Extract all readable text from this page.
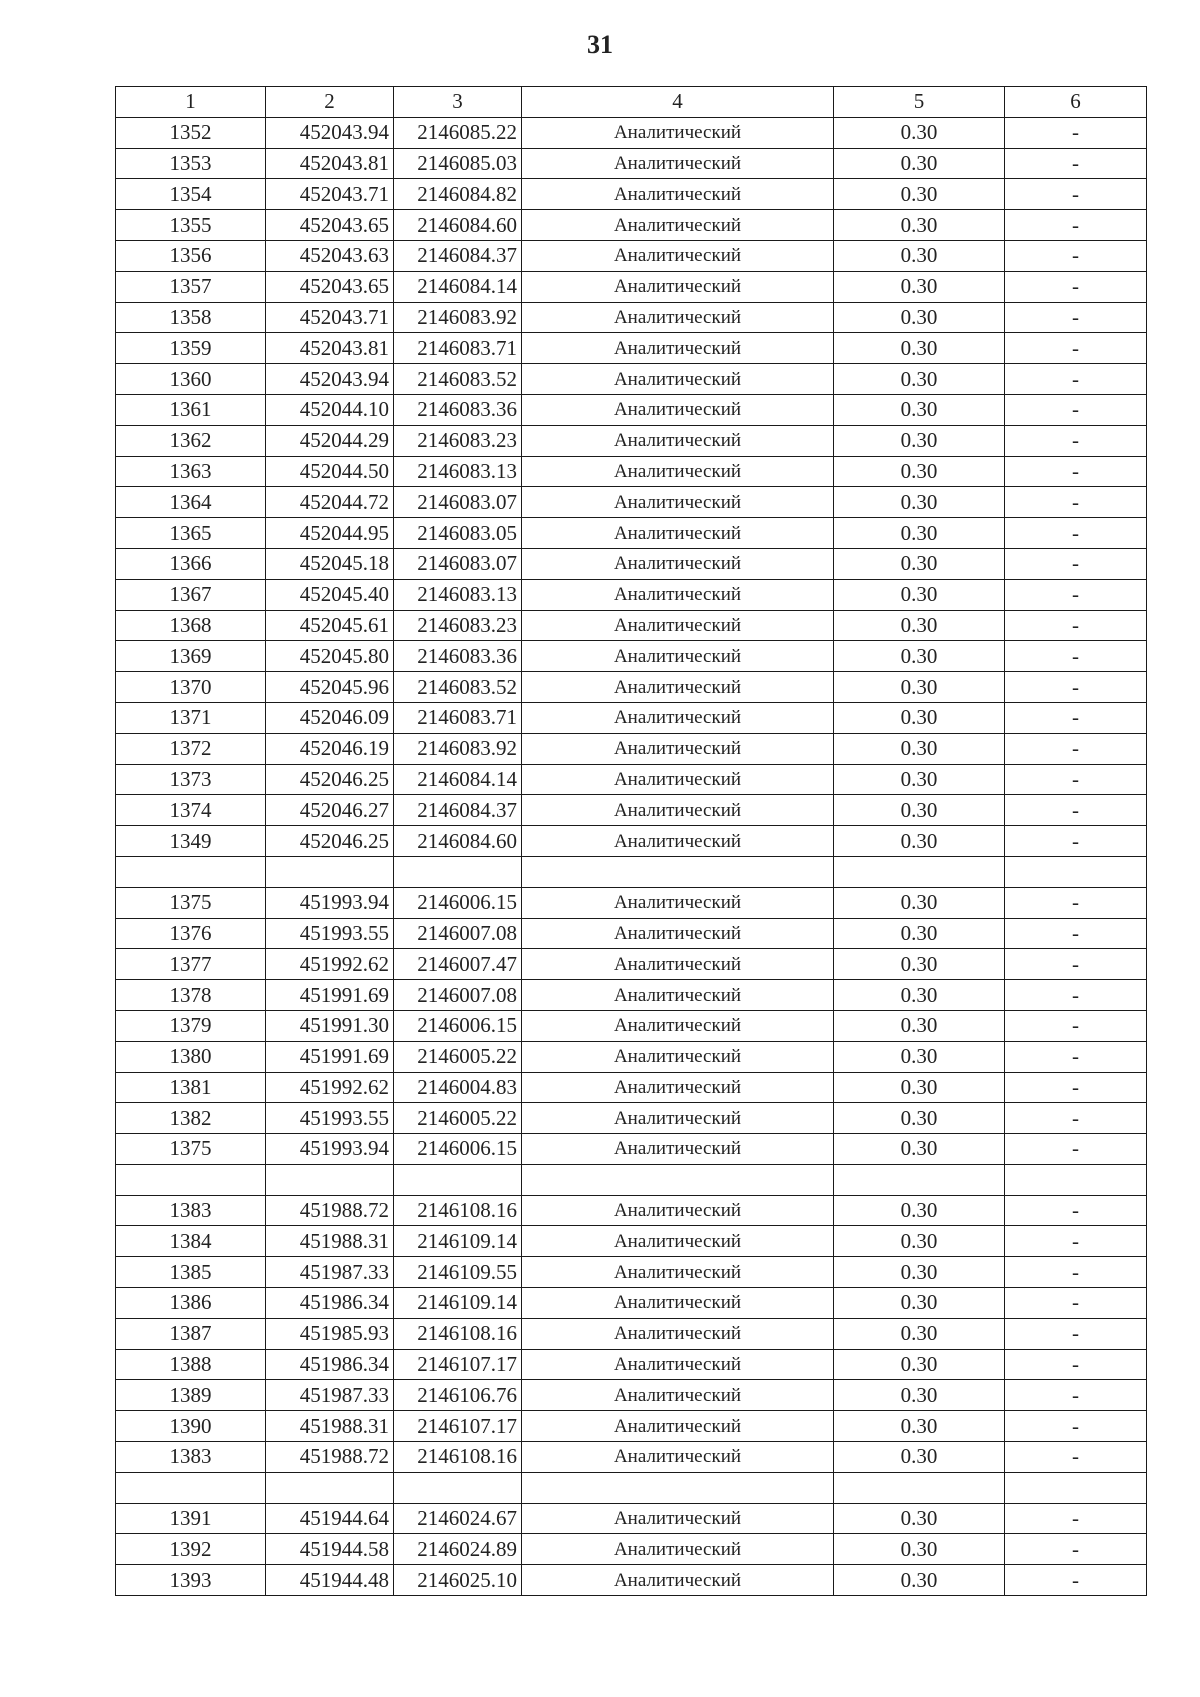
31
1	2	3	4	5	6
1352	452043.94	2146085.22	Аналитический	0.30	-
1353	452043.81	2146085.03	Аналитический	0.30	-
1354	452043.71	2146084.82	Аналитический	0.30	-
1355	452043.65	2146084.60	Аналитический	0.30	-
1356	452043.63	2146084.37	Аналитический	0.30	-
1357	452043.65	2146084.14	Аналитический	0.30	-
1358	452043.71	2146083.92	Аналитический	0.30	-
1359	452043.81	2146083.71	Аналитический	0.30	-
1360	452043.94	2146083.52	Аналитический	0.30	-
1361	452044.10	2146083.36	Аналитический	0.30	-
1362	452044.29	2146083.23	Аналитический	0.30	-
1363	452044.50	2146083.13	Аналитический	0.30	-
1364	452044.72	2146083.07	Аналитический	0.30	-
1365	452044.95	2146083.05	Аналитический	0.30	-
1366	452045.18	2146083.07	Аналитический	0.30	-
1367	452045.40	2146083.13	Аналитический	0.30	-
1368	452045.61	2146083.23	Аналитический	0.30	-
1369	452045.80	2146083.36	Аналитический	0.30	-
1370	452045.96	2146083.52	Аналитический	0.30	-
1371	452046.09	2146083.71	Аналитический	0.30	-
1372	452046.19	2146083.92	Аналитический	0.30	-
1373	452046.25	2146084.14	Аналитический	0.30	-
1374	452046.27	2146084.37	Аналитический	0.30	-
1349	452046.25	2146084.60	Аналитический	0.30	-

1375	451993.94	2146006.15	Аналитический	0.30	-
1376	451993.55	2146007.08	Аналитический	0.30	-
1377	451992.62	2146007.47	Аналитический	0.30	-
1378	451991.69	2146007.08	Аналитический	0.30	-
1379	451991.30	2146006.15	Аналитический	0.30	-
1380	451991.69	2146005.22	Аналитический	0.30	-
1381	451992.62	2146004.83	Аналитический	0.30	-
1382	451993.55	2146005.22	Аналитический	0.30	-
1375	451993.94	2146006.15	Аналитический	0.30	-

1383	451988.72	2146108.16	Аналитический	0.30	-
1384	451988.31	2146109.14	Аналитический	0.30	-
1385	451987.33	2146109.55	Аналитический	0.30	-
1386	451986.34	2146109.14	Аналитический	0.30	-
1387	451985.93	2146108.16	Аналитический	0.30	-
1388	451986.34	2146107.17	Аналитический	0.30	-
1389	451987.33	2146106.76	Аналитический	0.30	-
1390	451988.31	2146107.17	Аналитический	0.30	-
1383	451988.72	2146108.16	Аналитический	0.30	-

1391	451944.64	2146024.67	Аналитический	0.30	-
1392	451944.58	2146024.89	Аналитический	0.30	-
1393	451944.48	2146025.10	Аналитический	0.30	-
